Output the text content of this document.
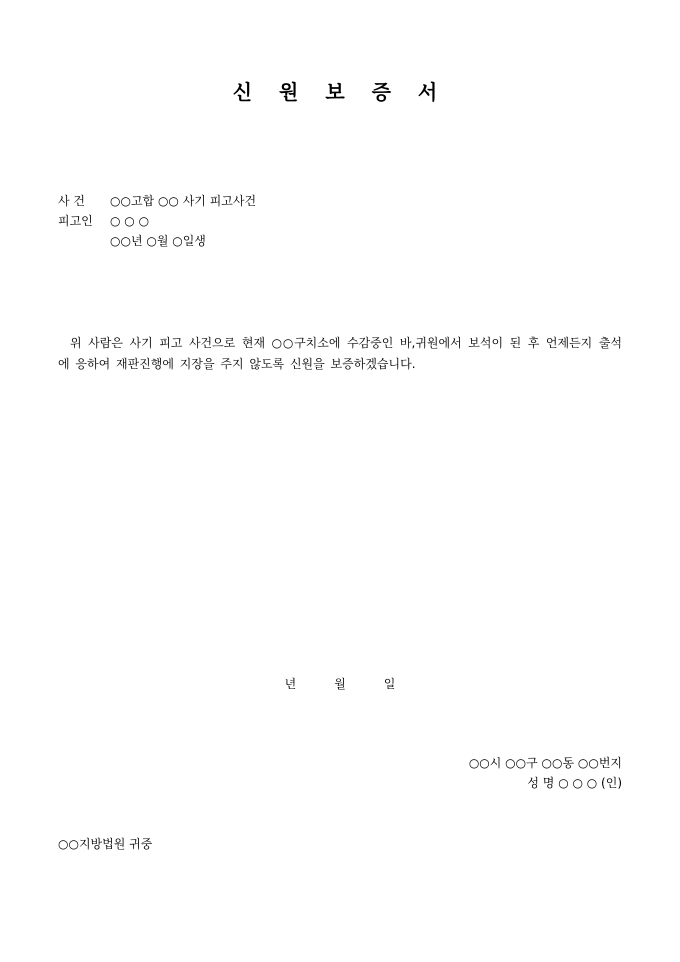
신 원 보 증 서
사 건 ○○고합 ○○ 사기 피고사건
피고인 ○ ○ ○
○○년 ○월 ○일생
위 사람은 사기 피고 사건으로 현재 ○○구치소에 수감중인 바,귀원에서 보석이 된 후 언제든지 출석에 응하여 재판진행에 지장을 주지 않도록 신원을 보증하겠습니다.
년	월	일
○○시 ○○구 ○○동 ○○번지
성 명 ○ ○ ○ (인)
○○지방법원 귀중
